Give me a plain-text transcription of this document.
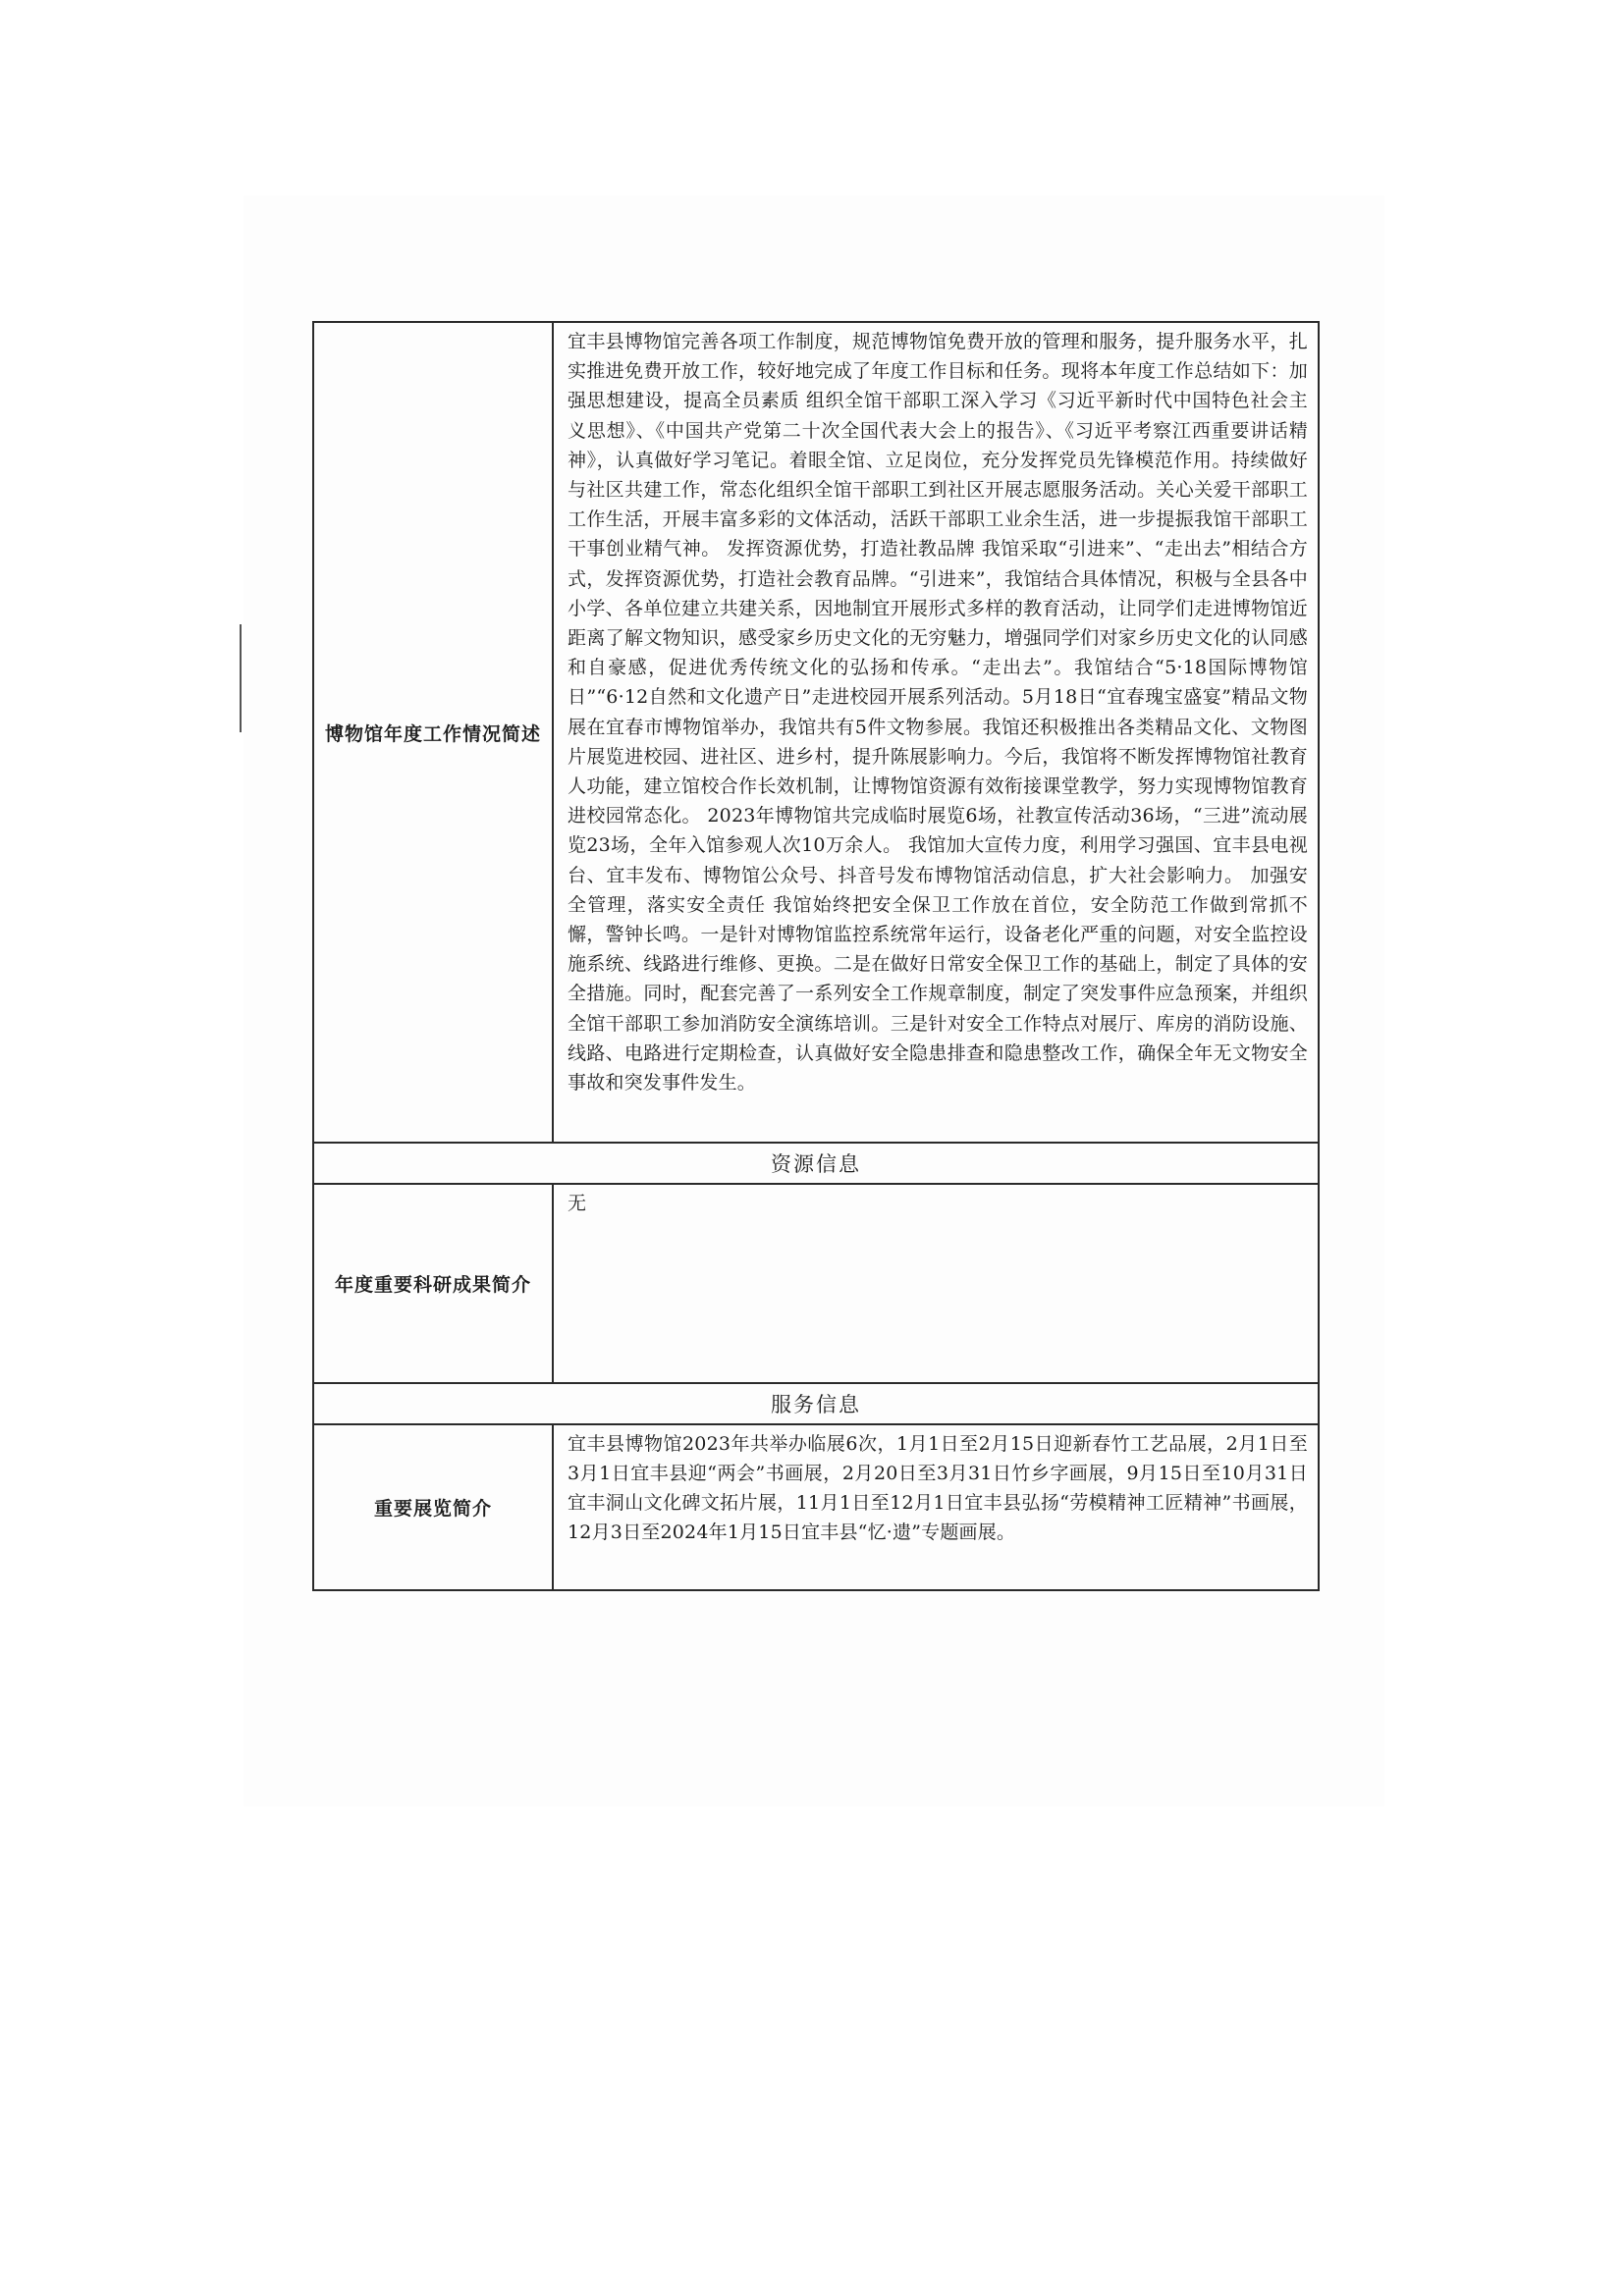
博物馆年度工作情况简述	宜丰县博物馆完善各项工作制度，规范博物馆免费开放的管理和服务，提升服务水平，扎实推进免费开放工作，较好地完成了年度工作目标和任务。现将本年度工作总结如下：加强思想建设，提高全员素质 组织全馆干部职工深入学习《习近平新时代中国特色社会主义思想》、《中国共产党第二十次全国代表大会上的报告》、《习近平考察江西重要讲话精神》，认真做好学习笔记。着眼全馆、立足岗位，充分发挥党员先锋模范作用。持续做好与社区共建工作，常态化组织全馆干部职工到社区开展志愿服务活动。关心关爱干部职工工作生活，开展丰富多彩的文体活动，活跃干部职工业余生活，进一步提振我馆干部职工干事创业精气神。 发挥资源优势，打造社教品牌 我馆采取“引进来”、“走出去”相结合方式，发挥资源优势，打造社会教育品牌。“引进来”，我馆结合具体情况，积极与全县各中小学、各单位建立共建关系，因地制宜开展形式多样的教育活动，让同学们走进博物馆近距离了解文物知识，感受家乡历史文化的无穷魅力，增强同学们对家乡历史文化的认同感和自豪感，促进优秀传统文化的弘扬和传承。“走出去”。我馆结合“5·18国际博物馆日”“6·12自然和文化遗产日”走进校园开展系列活动。5月18日“宜春瑰宝盛宴”精品文物展在宜春市博物馆举办，我馆共有5件文物参展。我馆还积极推出各类精品文化、文物图片展览进校园、进社区、进乡村，提升陈展影响力。今后，我馆将不断发挥博物馆社教育人功能，建立馆校合作长效机制，让博物馆资源有效衔接课堂教学，努力实现博物馆教育进校园常态化。 2023年博物馆共完成临时展览6场，社教宣传活动36场，“三进”流动展览23场，全年入馆参观人次10万余人。 我馆加大宣传力度，利用学习强国、宜丰县电视台、宜丰发布、博物馆公众号、抖音号发布博物馆活动信息，扩大社会影响力。 加强安全管理，落实安全责任 我馆始终把安全保卫工作放在首位，安全防范工作做到常抓不懈，警钟长鸣。一是针对博物馆监控系统常年运行，设备老化严重的问题，对安全监控设施系统、线路进行维修、更换。二是在做好日常安全保卫工作的基础上，制定了具体的安全措施。同时，配套完善了一系列安全工作规章制度，制定了突发事件应急预案，并组织全馆干部职工参加消防安全演练培训。三是针对安全工作特点对展厅、库房的消防设施、线路、电路进行定期检查，认真做好安全隐患排查和隐患整改工作，确保全年无文物安全事故和突发事件发生。

资源信息	
年度重要科研成果简介	无

服务信息	
重要展览简介	宜丰县博物馆2023年共举办临展6次，1月1日至2月15日迎新春竹工艺品展，2月1日至3月1日宜丰县迎“两会”书画展，2月20日至3月31日竹乡字画展，9月15日至10月31日宜丰洞山文化碑文拓片展，11月1日至12月1日宜丰县弘扬“劳模精神工匠精神”书画展，12月3日至2024年1月15日宜丰县“忆·遗”专题画展。
